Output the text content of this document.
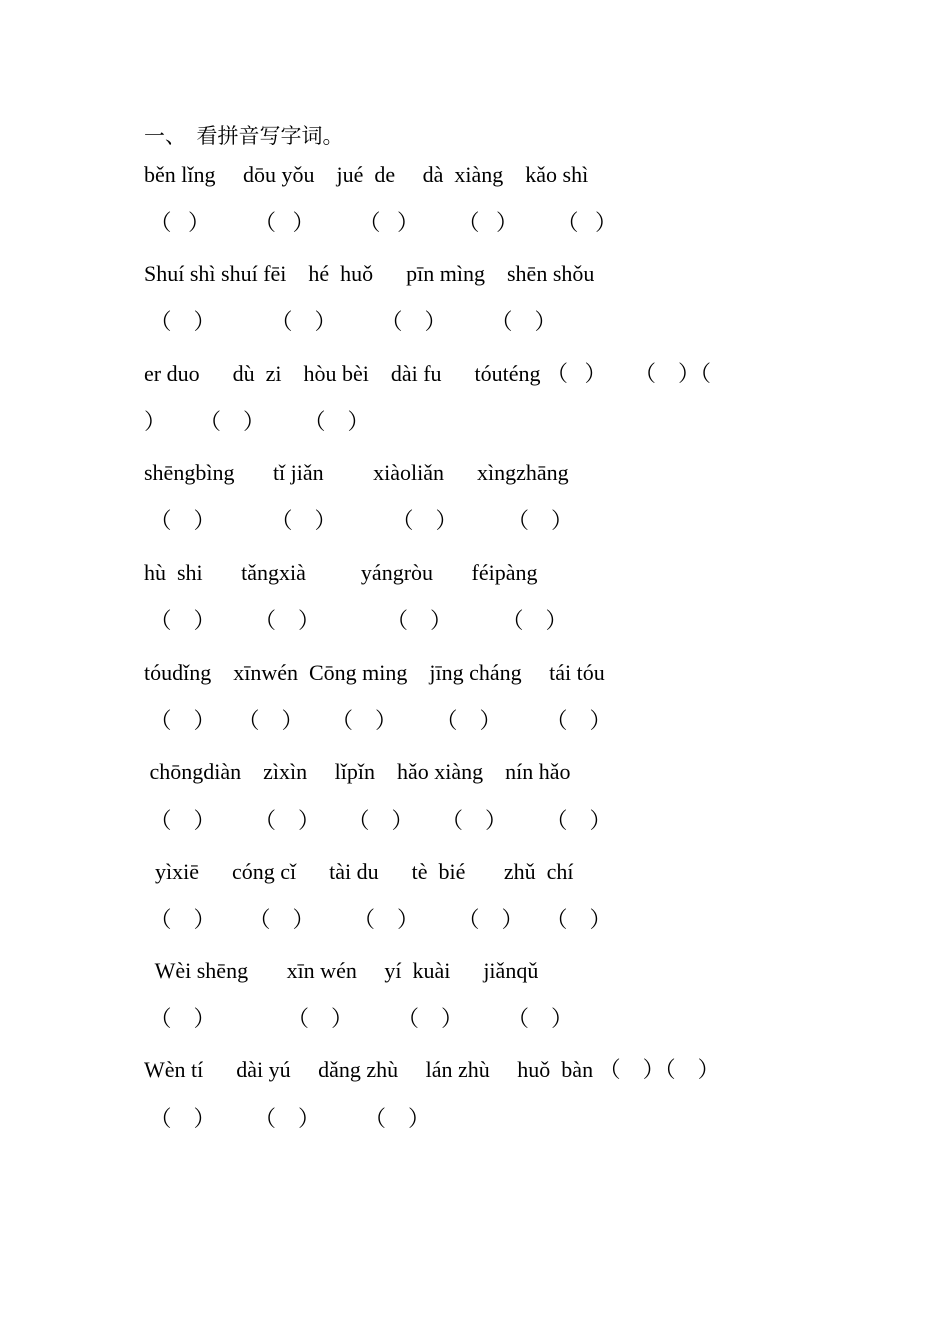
一、　看拼音写字词。
běn lǐng     dōu yǒu    jué  de     dà  xiàng    kǎo shì
（   ）        （   ）        （   ）       （   ）       （   ）
Shuí shì shuí fēi    hé  huǒ      pīn mìng    shēn shǒu
（    ）          （    ）        （    ）        （    ）
er duo      dù  zi    hòu bèi    dài fu      tóuténg （   ）     （    ）（
）      （    ）       （    ）
shēngbìng       tǐ jiǎn         xiàoliǎn      xìngzhāng
（    ）          （    ）          （    ）         （    ）
hù  shi       tǎngxià          yángròu       féipàng
（    ）       （    ）            （    ）         （    ）
tóudǐng    xīnwén  Cōng ming    jīng cháng     tái tóu
（    ）    （    ）     （    ）       （    ）        （    ）
chōngdiàn    zìxìn     lǐpǐn    hǎo xiàng    nín hǎo
（    ）       （    ）     （    ）     （    ）       （    ）
yìxiē      cóng cǐ      tài du      tè  bié       zhǔ  chí
（    ）      （    ）       （    ）       （    ）    （    ）
Wèi shēng       xīn wén     yí  kuài      jiǎnqǔ
（    ）             （    ）        （    ）        （    ）
Wèn tí      dài yú     dǎng zhù     lán zhù     huǒ  bàn （    ）（    ）
（    ）       （    ）        （    ）
